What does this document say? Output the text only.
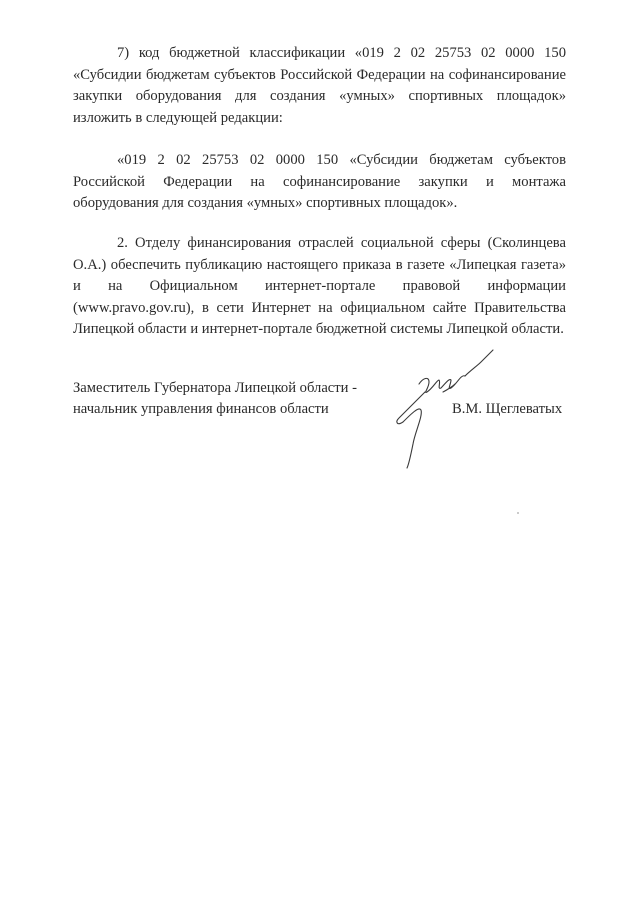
7) код бюджетной классификации «019 2 02 25753 02 0000 150 «Субсидии бюджетам субъектов Российской Федерации на софинансирование закупки оборудования для создания «умных» спортивных площадок» изложить в следующей редакции:

«019 2 02 25753 02 0000 150 «Субсидии бюджетам субъектов Российской Федерации на софинансирование закупки и монтажа оборудования для создания «умных» спортивных площадок».

2. Отделу финансирования отраслей социальной сферы (Сколинцева О.А.) обеспечить публикацию настоящего приказа в газете «Липецкая газета» и на Официальном интернет-портале правовой информации (www.pravo.gov.ru), в сети Интернет на официальном сайте Правительства Липецкой области и интернет-портале бюджетной системы Липецкой области.

Заместитель Губернатора Липецкой области -
начальник управления финансов области	В.М. Щеглеватых
